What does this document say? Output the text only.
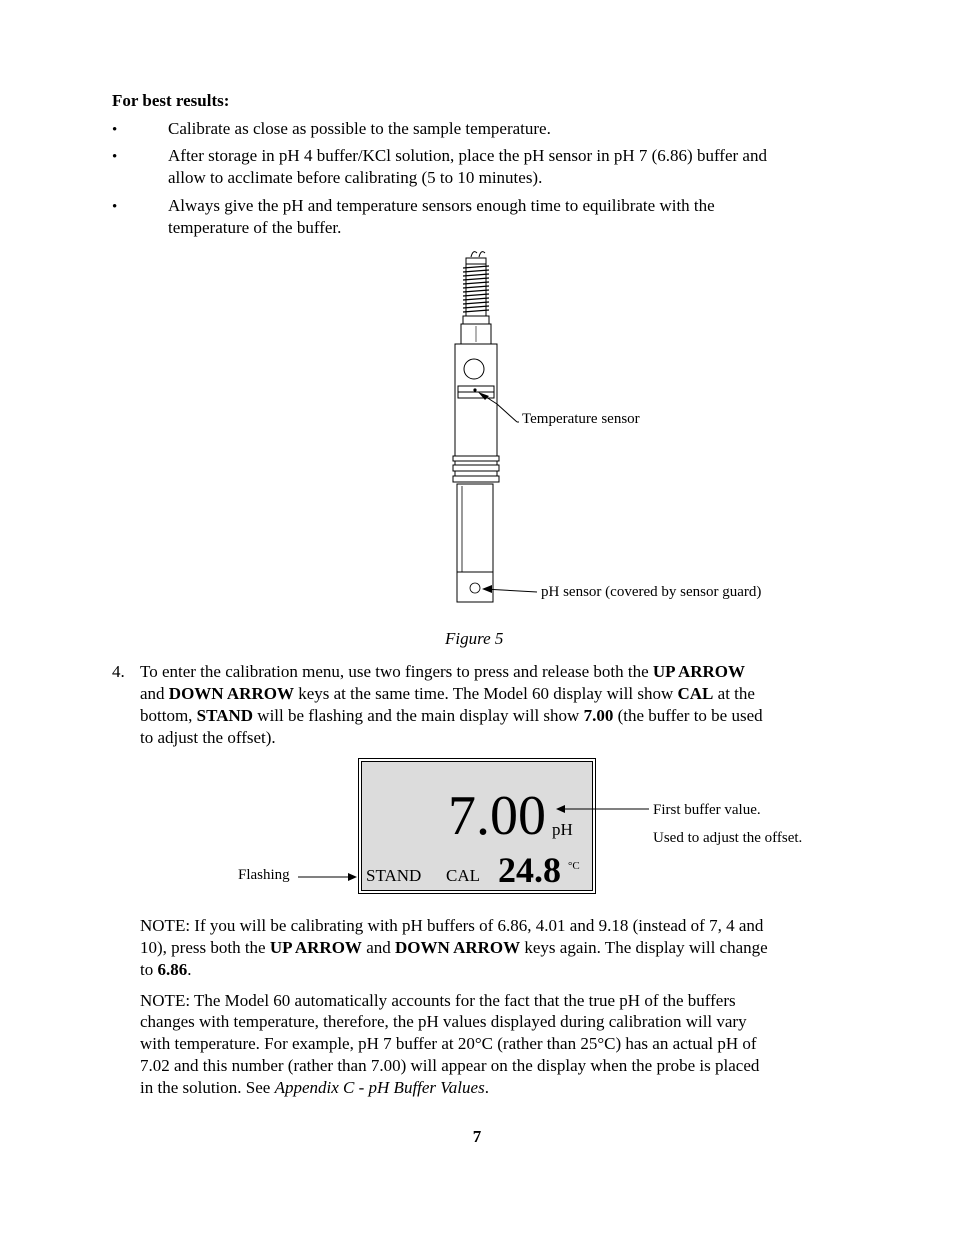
For best results:
•	Calibrate as close as possible to the sample temperature.
•	After storage in pH 4 buffer/KCl solution, place the pH sensor in pH 7 (6.86) buffer and
allow to acclimate before calibrating (5 to 10 minutes).
•	Always give the pH and temperature sensors enough time to equilibrate with the
temperature of the buffer.
Temperature sensor
pH sensor (covered by sensor guard)
Figure 5
4. To enter the calibration menu, use two fingers to press and release both the UP ARROW
and DOWN ARROW keys at the same time. The Model 60 display will show CAL at the
bottom, STAND will be flashing and the main display will show 7.00 (the buffer to be used
to adjust the offset).
7.00 pH
STAND CAL 24.8 °C
Flashing
First buffer value.
Used to adjust the offset.
NOTE: If you will be calibrating with pH buffers of 6.86, 4.01 and 9.18 (instead of 7, 4 and
10), press both the UP ARROW and DOWN ARROW keys again. The display will change
to 6.86.
NOTE: The Model 60 automatically accounts for the fact that the true pH of the buffers
changes with temperature, therefore, the pH values displayed during calibration will vary
with temperature. For example, pH 7 buffer at 20°C (rather than 25°C) has an actual pH of
7.02 and this number (rather than 7.00) will appear on the display when the probe is placed
in the solution. See Appendix C - pH Buffer Values.
7
